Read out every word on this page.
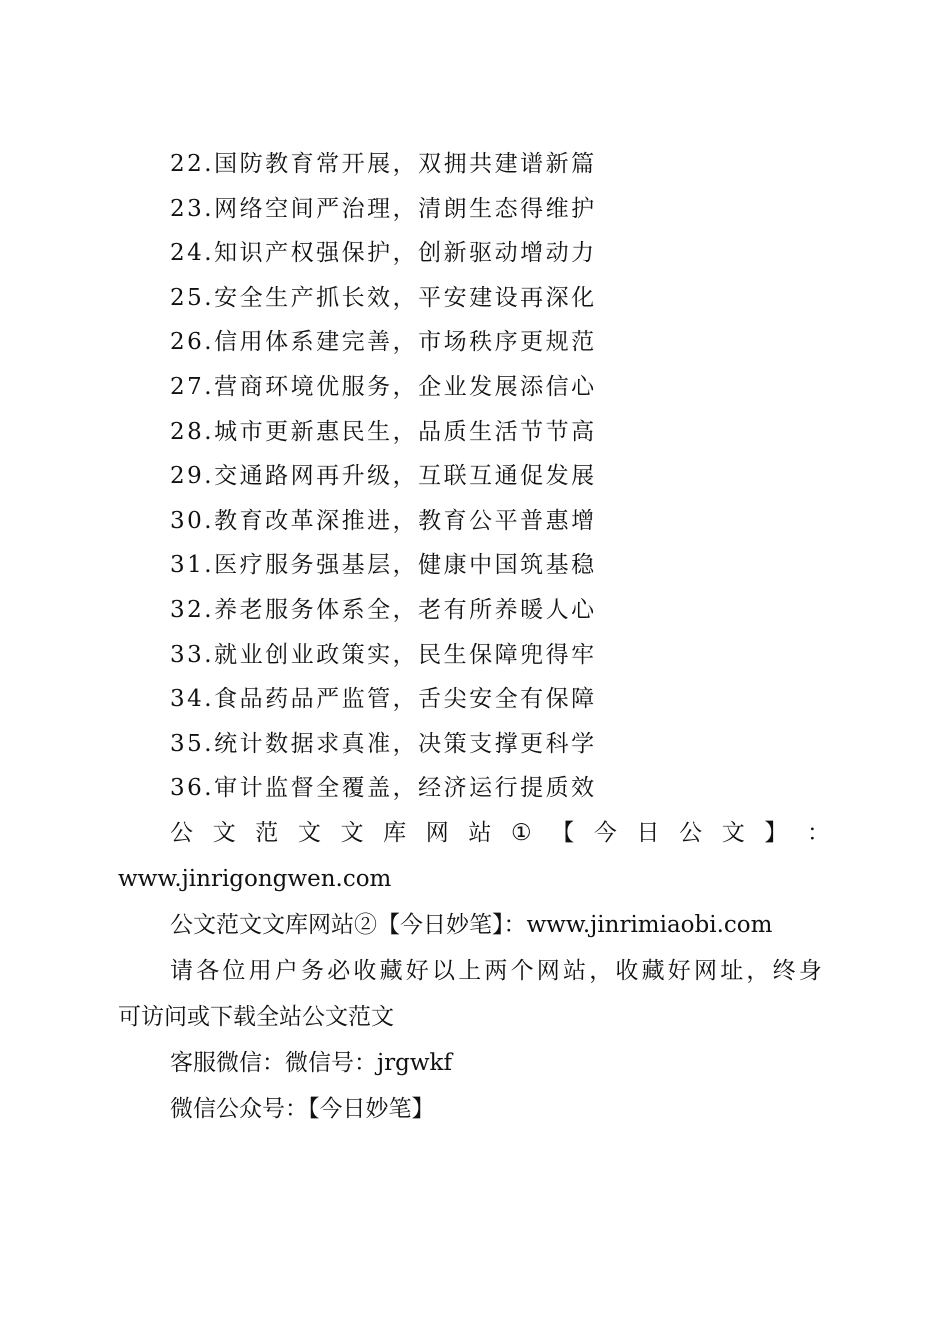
22.国防教育常开展，双拥共建谱新篇
23.网络空间严治理，清朗生态得维护
24.知识产权强保护，创新驱动增动力
25.安全生产抓长效，平安建设再深化
26.信用体系建完善，市场秩序更规范
27.营商环境优服务，企业发展添信心
28.城市更新惠民生，品质生活节节高
29.交通路网再升级，互联互通促发展
30.教育改革深推进，教育公平普惠增
31.医疗服务强基层，健康中国筑基稳
32.养老服务体系全，老有所养暖人心
33.就业创业政策实，民生保障兜得牢
34.食品药品严监管，舌尖安全有保障
35.统计数据求真准，决策支撑更科学
36.审计监督全覆盖，经济运行提质效
公 文 范 文 文 库 网 站 ① 【 今 日 公 文 】 ：
www.jinrigongwen.com
公文范文文库网站②【今日妙笔】：www.jinrimiaobi.com
请各位用户务必收藏好以上两个网站，收藏好网址，终身
可访问或下载全站公文范文
客服微信：微信号：jrgwkf
微信公众号：【今日妙笔】
